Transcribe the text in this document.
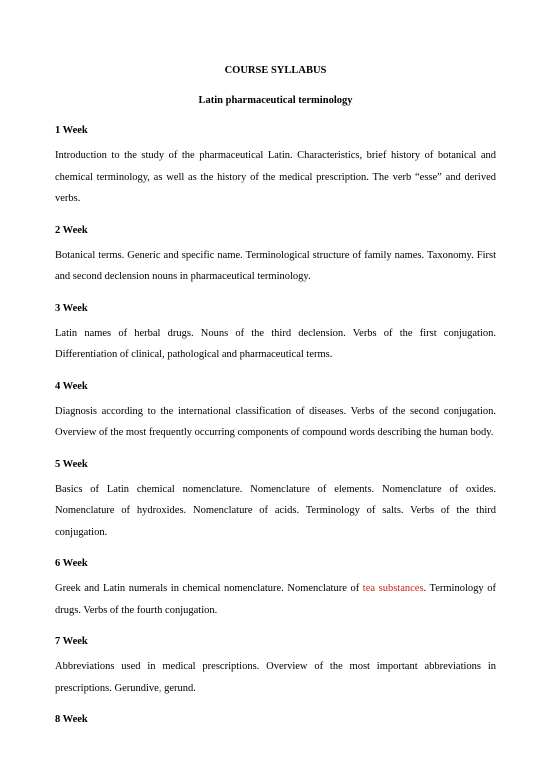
COURSE SYLLABUS

Latin pharmaceutical terminology

1 Week

Introduction to the study of the pharmaceutical Latin. Characteristics, brief history of botanical and chemical terminology, as well as the history of the medical prescription. The verb “esse” and derived verbs.

2 Week

Botanical terms. Generic and specific name. Terminological structure of family names. Taxonomy. First and second declension nouns in pharmaceutical terminology.

3 Week

Latin names of herbal drugs. Nouns of the third declension. Verbs of the first conjugation. Differentiation of clinical, pathological and pharmaceutical terms.

4 Week

Diagnosis according to the international classification of diseases. Verbs of the second conjugation. Overview of the most frequently occurring components of compound words describing the human body.

5 Week

Basics of Latin chemical nomenclature. Nomenclature of elements. Nomenclature of oxides. Nomenclature of hydroxides. Nomenclature of acids. Terminology of salts. Verbs of the third conjugation.

6 Week

Greek and Latin numerals in chemical nomenclature. Nomenclature of tea substances. Terminology of drugs. Verbs of the fourth conjugation.

7 Week

Abbreviations used in medical prescriptions. Overview of the most important abbreviations in prescriptions. Gerundive, gerund.

8 Week
